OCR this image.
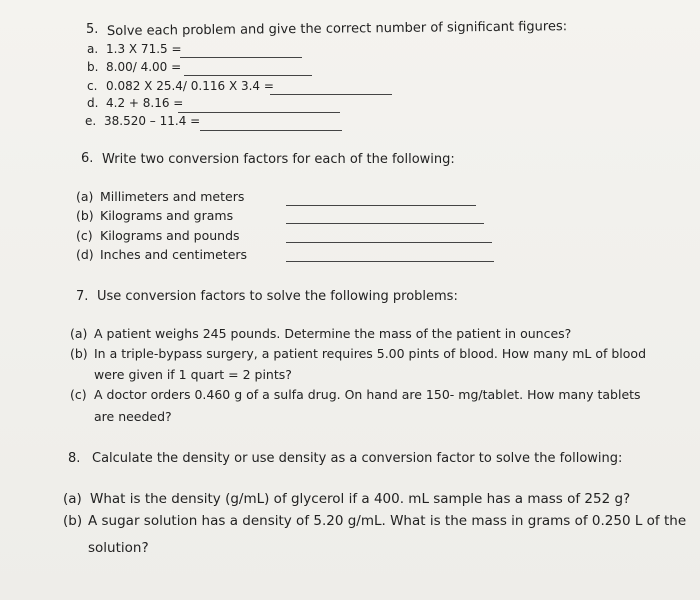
5. Solve each problem and give the correct number of significant figures:
a. 1.3 X 71.5 =
b. 8.00/ 4.00 =
c. 0.082 X 25.4/ 0.116 X 3.4 =
d. 4.2 + 8.16 =
e. 38.520 – 11.4 =
6. Write two conversion factors for each of the following:
(a) Millimeters and meters
(b) Kilograms and grams
(c) Kilograms and pounds
(d) Inches and centimeters
7. Use conversion factors to solve the following problems:
(a) A patient weighs 245 pounds. Determine the mass of the patient in ounces?
(b) In a triple-bypass surgery, a patient requires 5.00 pints of blood. How many mL of blood
were given if 1 quart = 2 pints?
(c) A doctor orders 0.460 g of a sulfa drug. On hand are 150- mg/tablet. How many tablets
are needed?
8. Calculate the density or use density as a conversion factor to solve the following:
(a) What is the density (g/mL) of glycerol if a 400. mL sample has a mass of 252 g?
(b) A sugar solution has a density of 5.20 g/mL. What is the mass in grams of 0.250 L of the
solution?
